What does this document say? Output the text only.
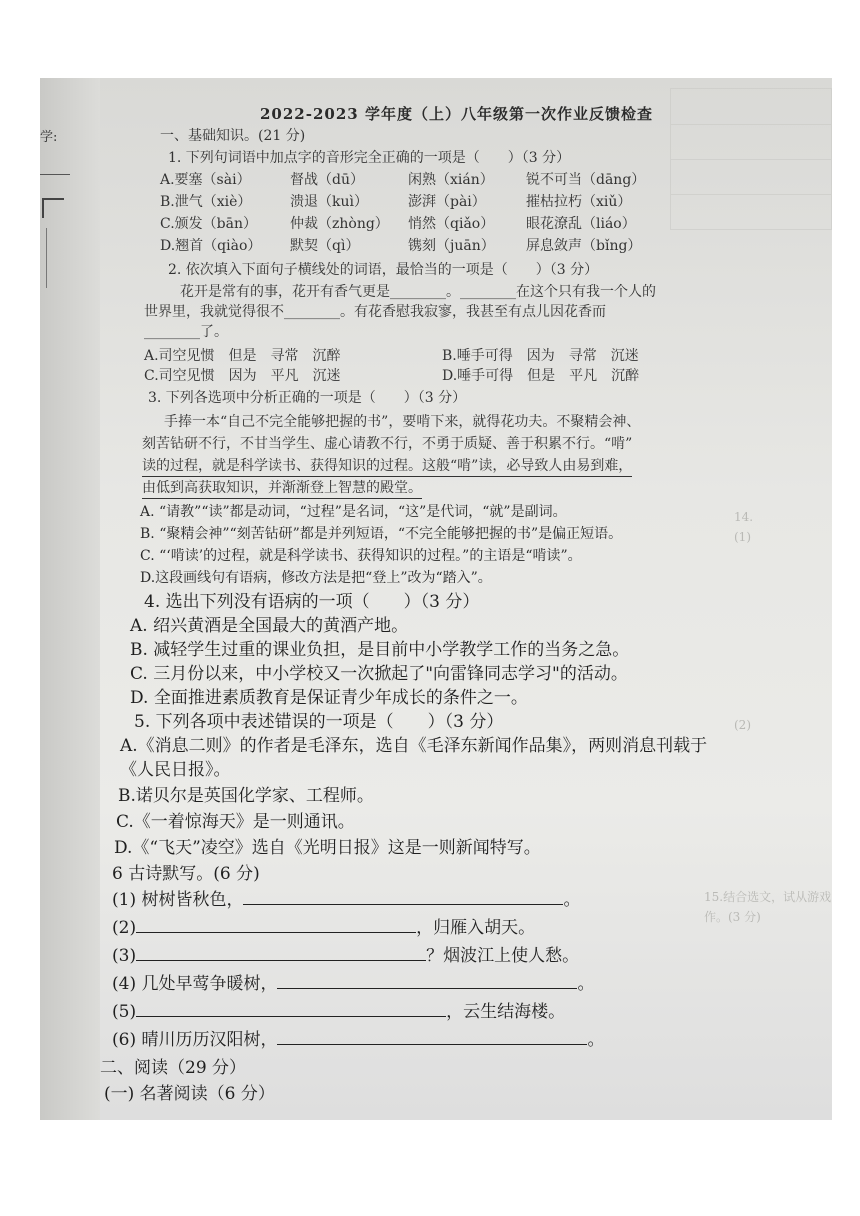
学:
14.
(1)
(2)
15.结合选文，试从游戏
作。(3 分)
2022-2023 学年度（上）八年级第一次作业反馈检查
一、基础知识。(21 分)
1. 下列句词语中加点字的音形完全正确的一项是（　　）（3 分）
A.要塞（sài）	督战（dū）	闲熟（xián） 锐不可当（dāng）
B.泄气（xiè）	溃退（kuì）	澎湃（pài）	摧枯拉朽（xiǔ）
C.颁发（bān） 仲裁（zhòng） 悄然（qiǎo） 眼花潦乱（liáo）
D.翘首（qiào） 默契（qì）	镌刻（juān） 屏息敛声（bǐng）
2. 依次填入下面句子横线处的词语，最恰当的一项是（　　）（3 分）
花开是常有的事，花开有香气更是________。________在这个只有我一个人的
世界里，我就觉得很不________。有花香慰我寂寥，我甚至有点儿因花香而
________了。
A.司空见惯　但是　寻常　沉醉	B.唾手可得　因为　寻常　沉迷
C.司空见惯　因为　平凡　沉迷	D.唾手可得　但是　平凡　沉醉
3. 下列各选项中分析正确的一项是（　　）（3 分）
手捧一本“自己不完全能够把握的书”，要啃下来，就得花功夫。不聚精会神、
刻苦钻研不行，不甘当学生、虚心请教不行，不勇于质疑、善于积累不行。“啃”
读的过程，就是科学读书、获得知识的过程。这般“啃”读，必导致人由易到难，
由低到高获取知识，并渐渐登上智慧的殿堂。
A. “请教”“读”都是动词，“过程”是名词，“这”是代词，“就”是副词。
B. “聚精会神”“刻苦钻研”都是并列短语，“不完全能够把握的书”是偏正短语。
C. “‘啃读’的过程，就是科学读书、获得知识的过程。”的主语是“啃读”。
D.这段画线句有语病，修改方法是把“登上”改为“踏入”。
4. 选出下列没有语病的一项（　　）（3 分）
A. 绍兴黄酒是全国最大的黄酒产地。
B. 减轻学生过重的课业负担，是目前中小学教学工作的当务之急。
C. 三月份以来，中小学校又一次掀起了"向雷锋同志学习"的活动。
D. 全面推进素质教育是保证青少年成长的条件之一。
5. 下列各项中表述错误的一项是（　　）（3 分）
A.《消息二则》的作者是毛泽东，选自《毛泽东新闻作品集》，两则消息刊载于
《人民日报》。
B.诺贝尔是英国化学家、工程师。
C.《一着惊海天》是一则通讯。
D.《“飞天”凌空》选自《光明日报》这是一则新闻特写。
6 古诗默写。(6 分)
(1) 树树皆秋色，	。
(2)	，归雁入胡天。
(3)	？烟波江上使人愁。
(4) 几处早莺争暖树，	。
(5)	，云生结海楼。
(6) 晴川历历汉阳树，	。
二、阅读（29 分）
(一) 名著阅读（6 分）
